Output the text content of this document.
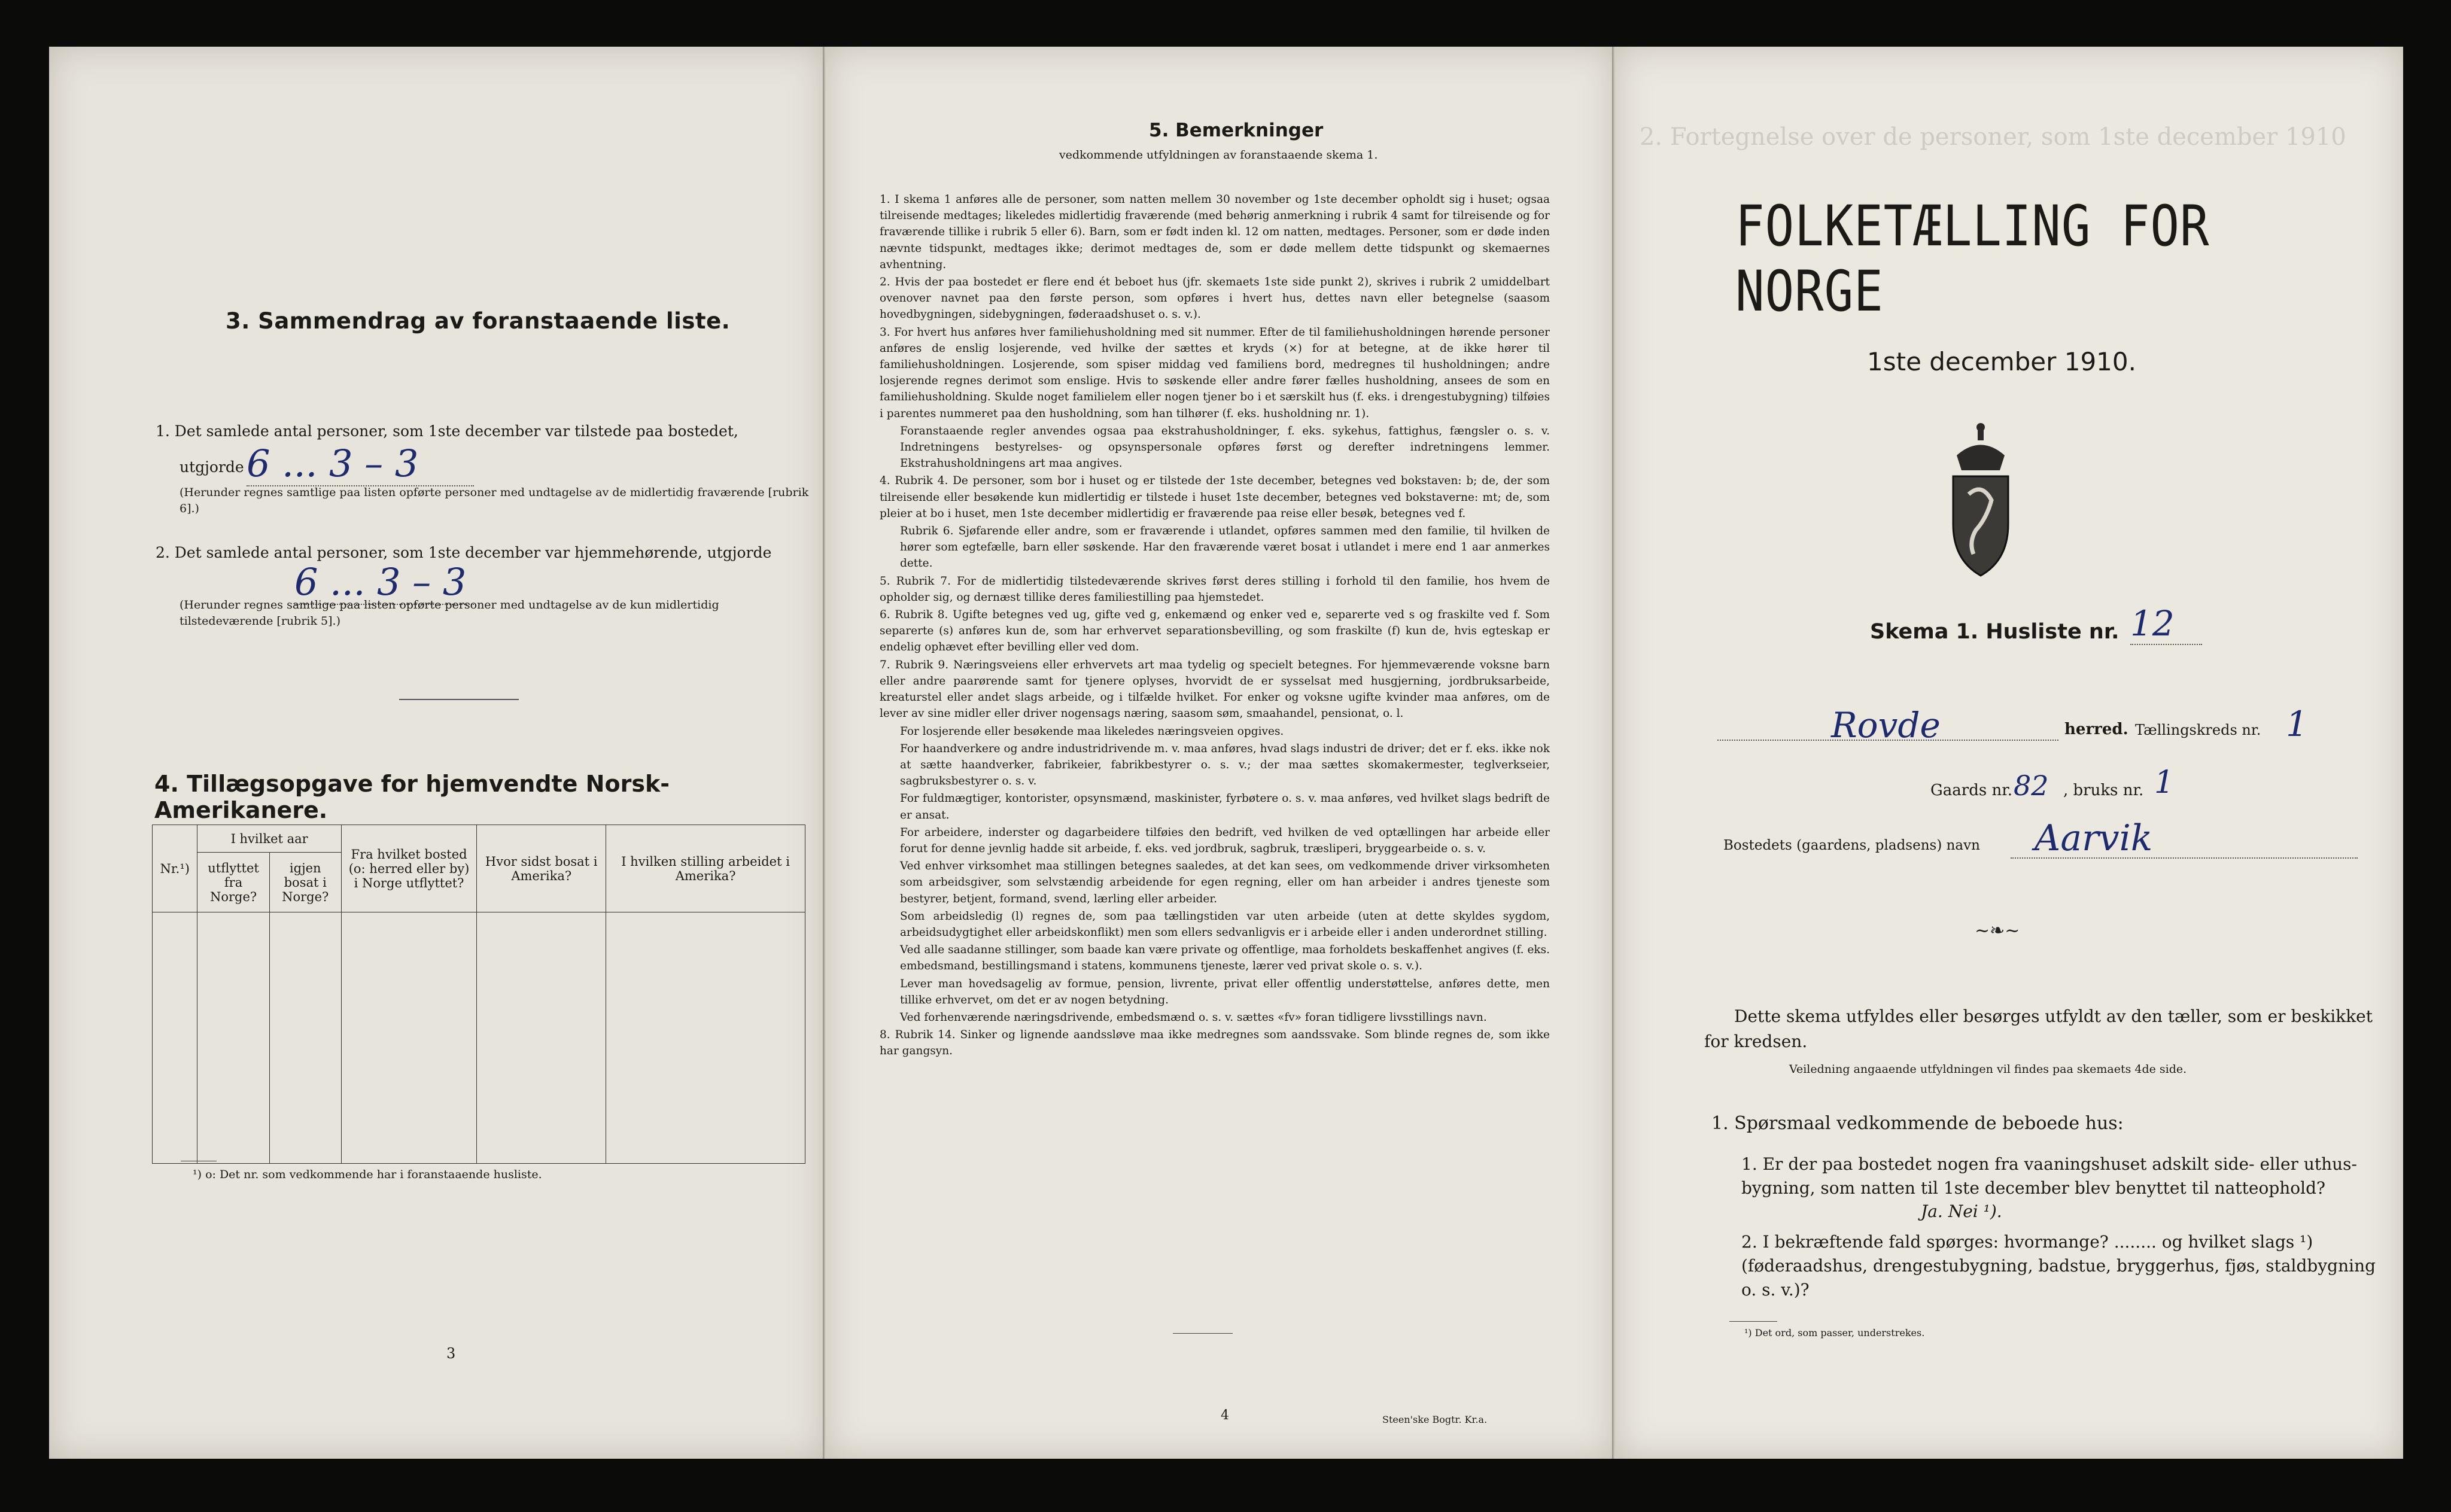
3. Sammendrag av foranstaaende liste.
1. Det samlede antal personer, som 1ste december var tilstede paa bostedet,
utgjorde 6 ... 3 – 3
(Herunder regnes samtlige paa listen opførte personer med undtagelse av de midlertidig fraværende [rubrik 6].)
2. Det samlede antal personer, som 1ste december var hjemmehørende, utgjorde
6 ... 3 – 3
(Herunder regnes samtlige paa listen opførte personer med undtagelse av de kun midlertidig tilstedeværende [rubrik 5].)
4. Tillægsopgave for hjemvendte Norsk-Amerikanere.
Nr.¹)	I hvilket aar		Fra hvilket bosted (o: herred eller by) i Norge utflyttet?	Hvor sidst bosat i Amerika?	I hvilken stilling arbeidet i Amerika?
	utflyttet fra Norge?	igjen bosat i Norge?			

¹) o: Det nr. som vedkommende har i foranstaaende husliste.
3
5. Bemerkninger
vedkommende utfyldningen av foranstaaende skema 1.

1. I skema 1 anføres alle de personer, som natten mellem 30 november og 1ste december opholdt sig i huset; ogsaa tilreisende medtages; likeledes midlertidig fraværende (med behørig anmerkning i rubrik 4 samt for tilreisende og for fraværende tillike i rubrik 5 eller 6). Barn, som er født inden kl. 12 om natten, medtages. Personer, som er døde inden nævnte tidspunkt, medtages ikke; derimot medtages de, som er døde mellem dette tidspunkt og skemaernes avhentning.

2. Hvis der paa bostedet er flere end ét beboet hus (jfr. skemaets 1ste side punkt 2), skrives i rubrik 2 umiddelbart ovenover navnet paa den første person, som opføres i hvert hus, dettes navn eller betegnelse (saasom hovedbygningen, sidebygningen, føderaadshuset o. s. v.).

3. For hvert hus anføres hver familiehusholdning med sit nummer. Efter de til familiehusholdningen hørende personer anføres de enslig losjerende, ved hvilke der sættes et kryds (×) for at betegne, at de ikke hører til familiehusholdningen. Losjerende, som spiser middag ved familiens bord, medregnes til husholdningen; andre losjerende regnes derimot som enslige. Hvis to søskende eller andre fører fælles husholdning, ansees de som en familiehusholdning. Skulde noget familielem eller nogen tjener bo i et særskilt hus (f. eks. i drengestubygning) tilføies i parentes nummeret paa den husholdning, som han tilhører (f. eks. husholdning nr. 1).

Foranstaaende regler anvendes ogsaa paa ekstrahusholdninger, f. eks. sykehus, fattighus, fængsler o. s. v. Indretningens bestyrelses- og opsynspersonale opføres først og derefter indretningens lemmer. Ekstrahusholdningens art maa angives.

4. Rubrik 4. De personer, som bor i huset og er tilstede der 1ste december, betegnes ved bokstaven: b; de, der som tilreisende eller besøkende kun midlertidig er tilstede i huset 1ste december, betegnes ved bokstaverne: mt; de, som pleier at bo i huset, men 1ste december midlertidig er fraværende paa reise eller besøk, betegnes ved f.

Rubrik 6. Sjøfarende eller andre, som er fraværende i utlandet, opføres sammen med den familie, til hvilken de hører som egtefælle, barn eller søskende. Har den fraværende været bosat i utlandet i mere end 1 aar anmerkes dette.

5. Rubrik 7. For de midlertidig tilstedeværende skrives først deres stilling i forhold til den familie, hos hvem de opholder sig, og dernæst tillike deres familiestilling paa hjemstedet.

6. Rubrik 8. Ugifte betegnes ved ug, gifte ved g, enkemænd og enker ved e, separerte ved s og fraskilte ved f. Som separerte (s) anføres kun de, som har erhvervet separationsbevilling, og som fraskilte (f) kun de, hvis egteskap er endelig ophævet efter bevilling eller ved dom.

7. Rubrik 9. Næringsveiens eller erhvervets art maa tydelig og specielt betegnes. For hjemmeværende voksne barn eller andre paarørende samt for tjenere oplyses, hvorvidt de er sysselsat med husgjerning, jordbruksarbeide, kreaturstel eller andet slags arbeide, og i tilfælde hvilket. For enker og voksne ugifte kvinder maa anføres, om de lever av sine midler eller driver nogensags næring, saasom søm, smaahandel, pensionat, o. l.

For losjerende eller besøkende maa likeledes næringsveien opgives.

For haandverkere og andre industridrivende m. v. maa anføres, hvad slags industri de driver; det er f. eks. ikke nok at sætte haandverker, fabrikeier, fabrikbestyrer o. s. v.; der maa sættes skomakermester, teglverkseier, sagbruksbestyrer o. s. v.

For fuldmægtiger, kontorister, opsynsmænd, maskinister, fyrbøtere o. s. v. maa anføres, ved hvilket slags bedrift de er ansat.

For arbeidere, inderster og dagarbeidere tilføies den bedrift, ved hvilken de ved optællingen har arbeide eller forut for denne jevnlig hadde sit arbeide, f. eks. ved jordbruk, sagbruk, træsliperi, bryggearbeide o. s. v.

Ved enhver virksomhet maa stillingen betegnes saaledes, at det kan sees, om vedkommende driver virksomheten som arbeidsgiver, som selvstændig arbeidende for egen regning, eller om han arbeider i andres tjeneste som bestyrer, betjent, formand, svend, lærling eller arbeider.

Som arbeidsledig (l) regnes de, som paa tællingstiden var uten arbeide (uten at dette skyldes sygdom, arbeidsudygtighet eller arbeidskonflikt) men som ellers sedvanligvis er i arbeide eller i anden underordnet stilling.

Ved alle saadanne stillinger, som baade kan være private og offentlige, maa forholdets beskaffenhet angives (f. eks. embedsmand, bestillingsmand i statens, kommunens tjeneste, lærer ved privat skole o. s. v.).

Lever man hovedsagelig av formue, pension, livrente, privat eller offentlig understøttelse, anføres dette, men tillike erhvervet, om det er av nogen betydning.

Ved forhenværende næringsdrivende, embedsmænd o. s. v. sættes «fv» foran tidligere livsstillings navn.

8. Rubrik 14. Sinker og lignende aandssløve maa ikke medregnes som aandssvake. Som blinde regnes de, som ikke har gangsyn.

4	Steen'ske Bogtr. Kr.a.
2. Fortegnelse over de personer, som 1ste december 1910
FOLKETÆLLING FOR NORGE
1ste december 1910.
Skema 1. Husliste nr. 12
Rovde	herred. Tællingskreds nr. 1
Gaards nr. 82 , bruks nr. 1
Bostedets (gaardens, pladsens) navn Aarvik
~❧~
Dette skema utfyldes eller besørges utfyldt av den tæller, som er beskikket for kredsen.
Veiledning angaaende utfyldningen vil findes paa skemaets 4de side.
1. Spørsmaal vedkommende de beboede hus:
1. Er der paa bostedet nogen fra vaaningshuset adskilt side- eller uthus-bygning, som natten til 1ste december blev benyttet til natteophold?
Ja. Nei ¹).
2. I bekræftende fald spørges: hvormange? ........ og hvilket slags ¹) (føderaadshus, drengestubygning, badstue, bryggerhus, fjøs, staldbygning o. s. v.)?
¹) Det ord, som passer, understrekes.
